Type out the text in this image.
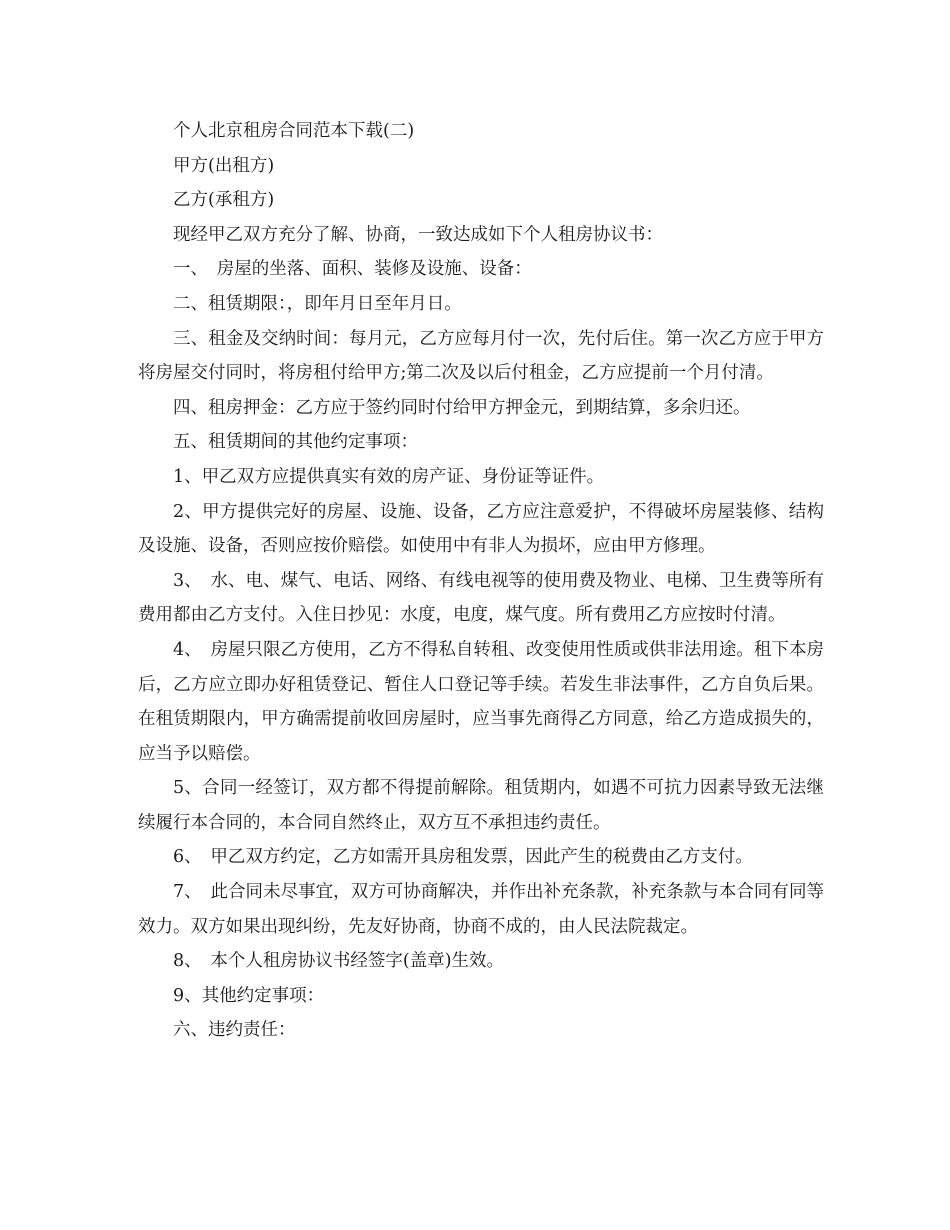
个人北京租房合同范本下载(二)

甲方(出租方)

乙方(承租方)

现经甲乙双方充分了解、协商，一致达成如下个人租房协议书：

一、　房屋的坐落、面积、装修及设施、设备：

二、租赁期限：，即年月日至年月日。

三、租金及交纳时间：每月元，乙方应每月付一次，先付后住。第一次乙方应于甲方将房屋交付同时，将房租付给甲方;第二次及以后付租金，乙方应提前一个月付清。

四、租房押金：乙方应于签约同时付给甲方押金元，到期结算，多余归还。

五、租赁期间的其他约定事项：

1、甲乙双方应提供真实有效的房产证、身份证等证件。

2、甲方提供完好的房屋、设施、设备，乙方应注意爱护，不得破坏房屋装修、结构及设施、设备，否则应按价赔偿。如使用中有非人为损坏，应由甲方修理。

3、　水、电、煤气、电话、网络、有线电视等的使用费及物业、电梯、卫生费等所有费用都由乙方支付。入住日抄见：水度，电度，煤气度。所有费用乙方应按时付清。

4、　房屋只限乙方使用，乙方不得私自转租、改变使用性质或供非法用途。租下本房后，乙方应立即办好租赁登记、暂住人口登记等手续。若发生非法事件，乙方自负后果。在租赁期限内，甲方确需提前收回房屋时，应当事先商得乙方同意，给乙方造成损失的，应当予以赔偿。

5、合同一经签订，双方都不得提前解除。租赁期内，如遇不可抗力因素导致无法继续履行本合同的，本合同自然终止，双方互不承担违约责任。

6、　甲乙双方约定，乙方如需开具房租发票，因此产生的税费由乙方支付。

7、　此合同未尽事宜，双方可协商解决，并作出补充条款，补充条款与本合同有同等效力。双方如果出现纠纷，先友好协商，协商不成的，由人民法院裁定。

8、　本个人租房协议书经签字(盖章)生效。

9、其他约定事项：

六、违约责任：
